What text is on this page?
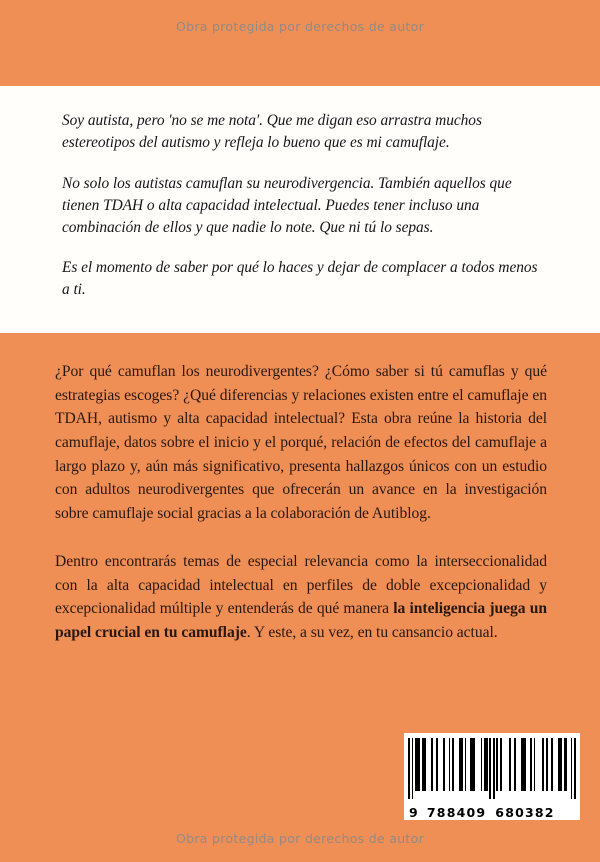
Obra protegida por derechos de autor

Soy autista, pero 'no se me nota'. Que me digan eso arrastra muchos estereotipos del autismo y refleja lo bueno que es mi camuflaje.

No solo los autistas camuflan su neurodivergencia. También aquellos que tienen TDAH o alta capacidad intelectual. Puedes tener incluso una combinación de ellos y que nadie lo note. Que ni tú lo sepas.

Es el momento de saber por qué lo haces y dejar de complacer a todos menos a ti.

¿Por qué camuflan los neurodivergentes? ¿Cómo saber si tú camuflas y qué estrategias escoges? ¿Qué diferencias y relaciones existen entre el camuflaje en TDAH, autismo y alta capacidad intelectual? Esta obra reúne la historia del camuflaje, datos sobre el inicio y el porqué, relación de efectos del camuflaje a largo plazo y, aún más significativo, presenta hallazgos únicos con un estudio con adultos neurodivergentes que ofrecerán un avance en la investigación sobre camuflaje social gracias a la colaboración de Autiblog.

Dentro encontrarás temas de especial relevancia como la interseccionalidad con la alta capacidad intelectual en perfiles de doble excepcionalidad y excepcionalidad múltiple y entenderás de qué manera la inteligencia juega un papel crucial en tu camuflaje. Y este, a su vez, en tu cansancio actual.

9 788409 680382
Obra protegida por derechos de autor
